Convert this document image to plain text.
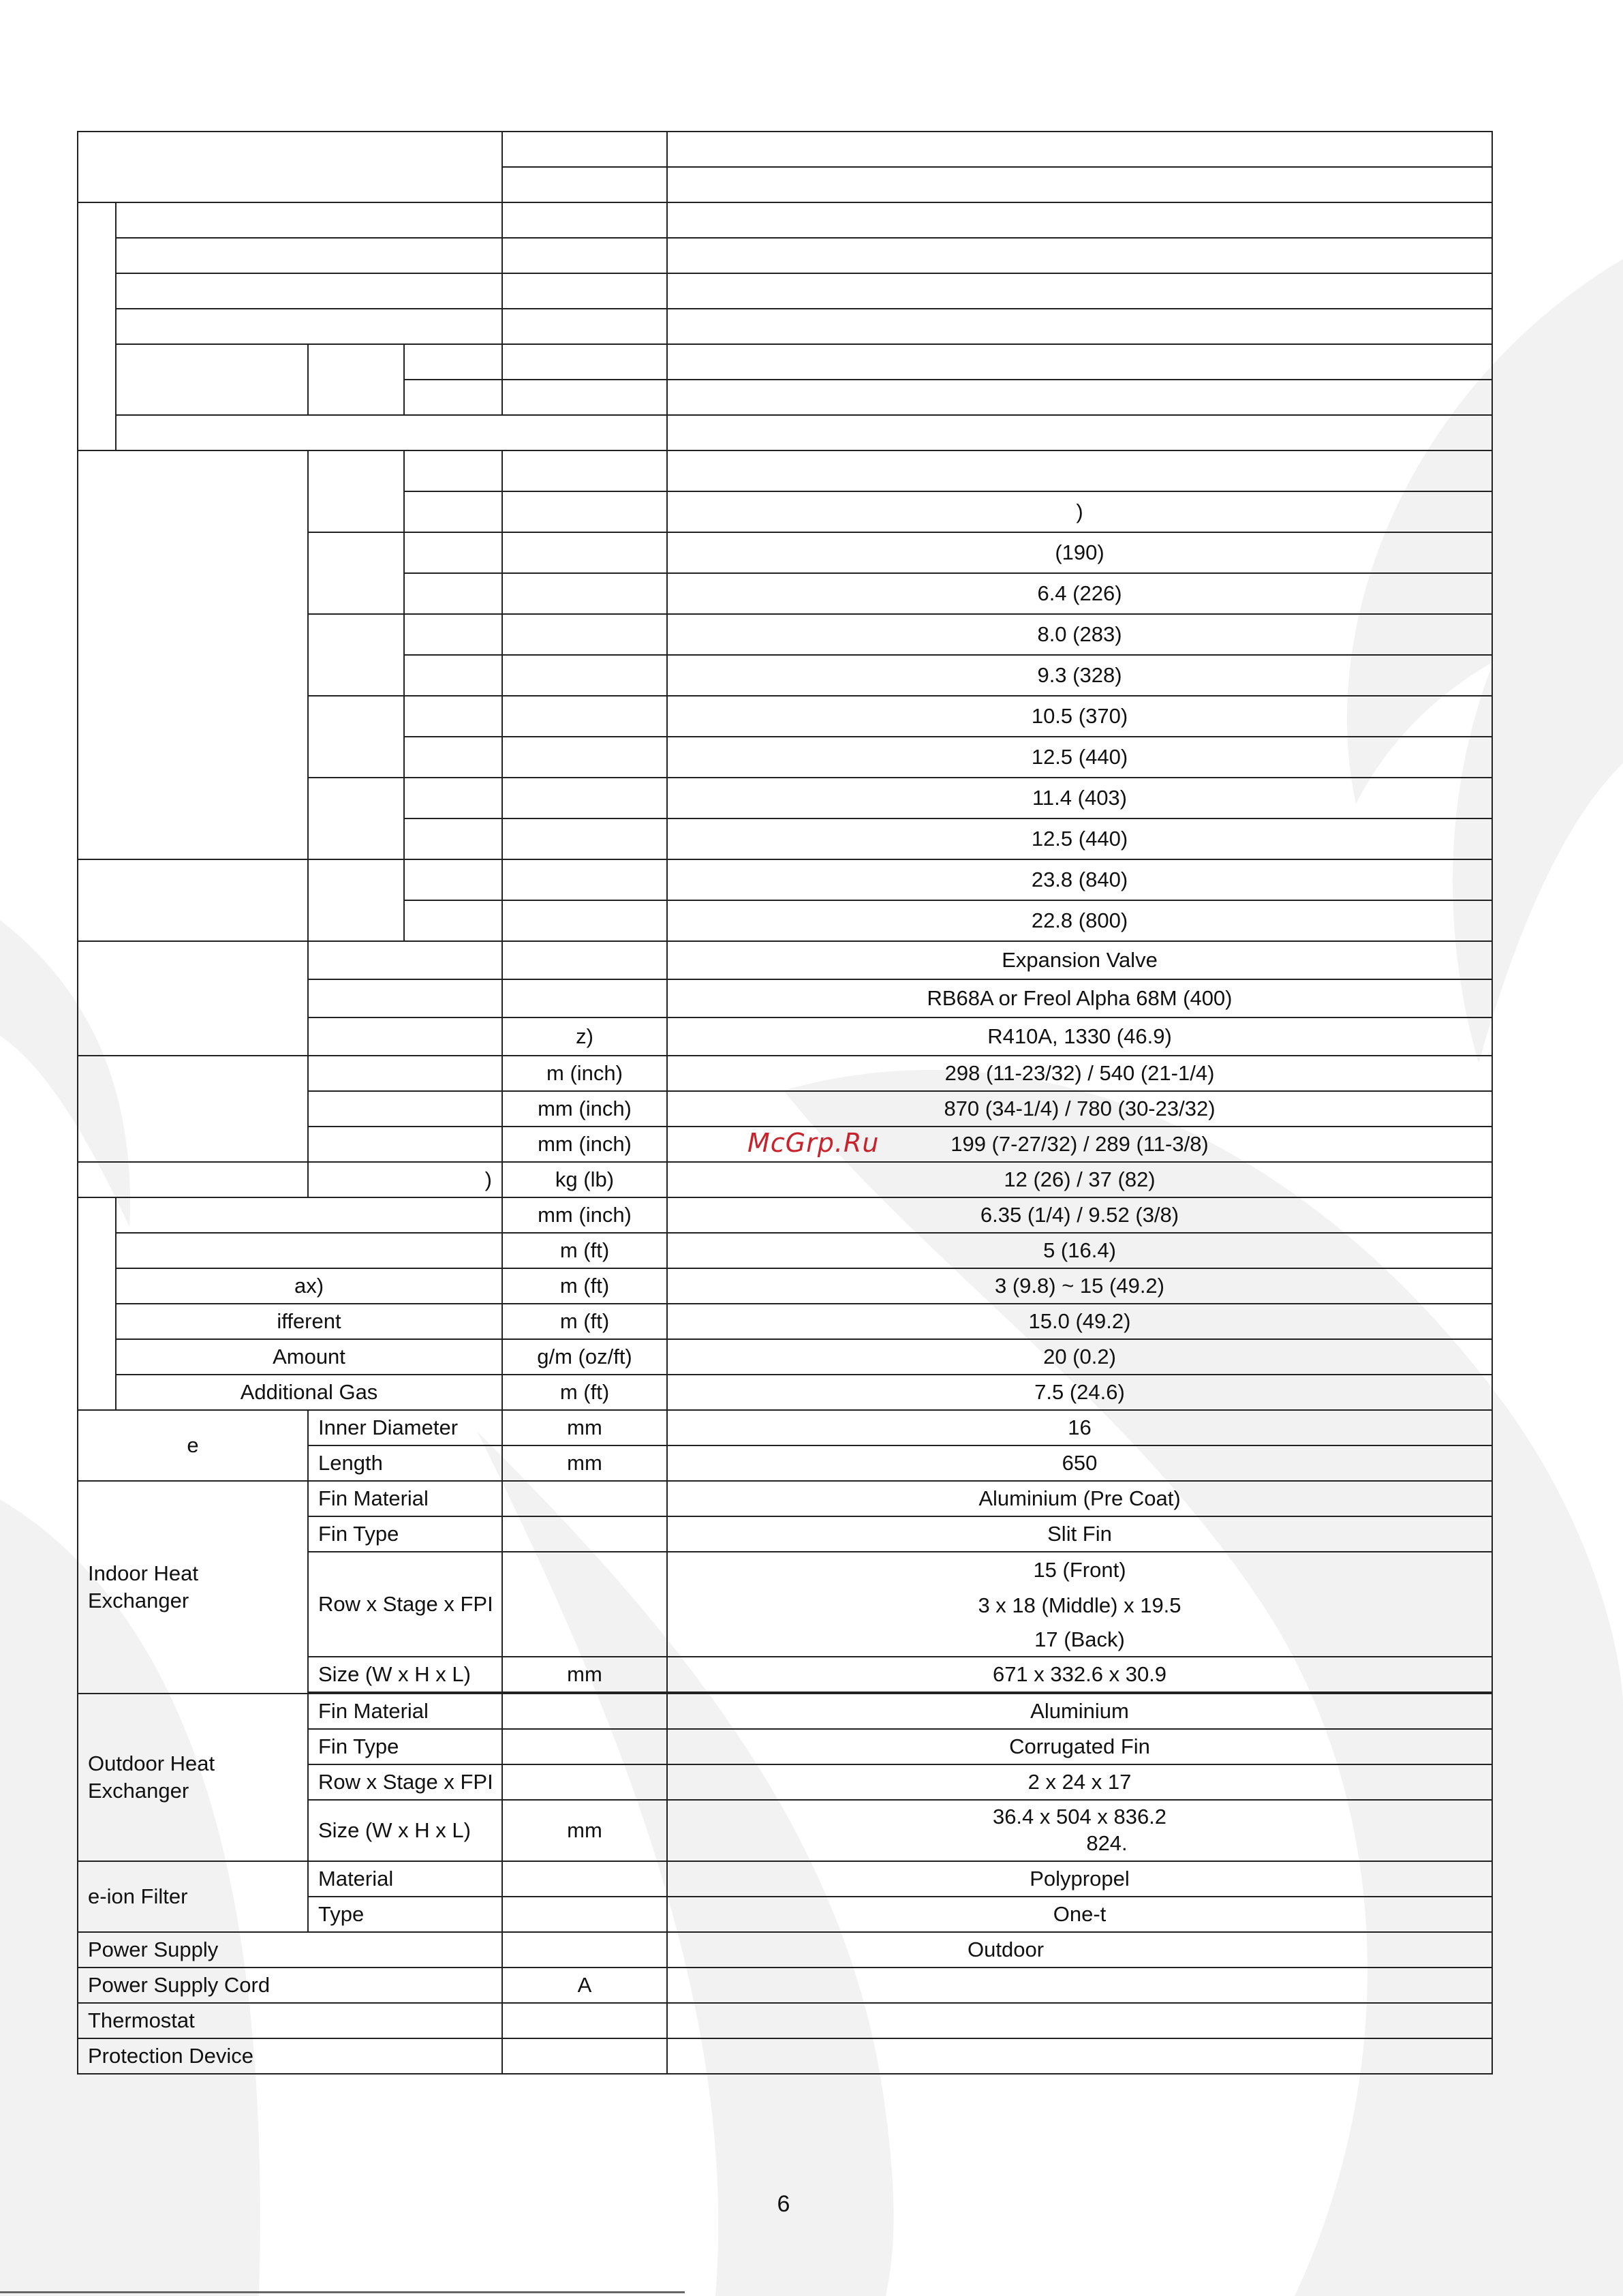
					)	
					(190)	
					6.4 (226)	
					8.0 (283)	
					9.3 (328)	
					10.5 (370)	
					12.5 (440)	
					11.4 (403)	
					12.5 (440)	
					23.8 (840)	
					22.8 (800)	
					Expansion Valve	
					RB68A or Freol Alpha 68M (400)	
				z)	R410A, 1330 (46.9)	
				m (inch)	298 (11-23/32) / 540 (21-1/4)	
				mm (inch)	870 (34-1/4) / 780 (30-23/32)	
				mm (inch)	199 (7-27/32) / 289 (11-3/8)	
		)		kg (lb)	12 (26) / 37 (82)	
				mm (inch)	6.35 (1/4) / 9.52 (3/8)	
				m (ft)	5 (16.4)	
	ax)			m (ft)	3 (9.8) ~ 15 (49.2)	
	ifferent			m (ft)	15.0 (49.2)	
	Amount			g/m (oz/ft)	20 (0.2)	
	Additional Gas			m (ft)	7.5 (24.6)	
e		Inner Diameter		mm	16	
		Length		mm	650	
Indoor Heat Exchanger		Fin Material			Aluminium (Pre Coat)	
		Fin Type			Slit Fin	
		Row x Stage x FPI			15 (Front)
3 x 18 (Middle) x 19.5
17 (Back)	

		Size (W x H x L)		mm	671 x 332.6 x 30.9	

Outdoor Heat Exchanger		Fin Material			Aluminium	
		Fin Type			Corrugated Fin	
		Row x Stage x FPI			2 x 24 x 17	
		Size (W x H x L)		mm	36.4 x 504 x 836.2
824.	

e-ion Filter		Material			Polypropel	
		Type			One-t	
Power Supply					Outdoor	
Power Supply Cord				A		
Thermostat						
Protection Device						
McGrp.Ru
6
